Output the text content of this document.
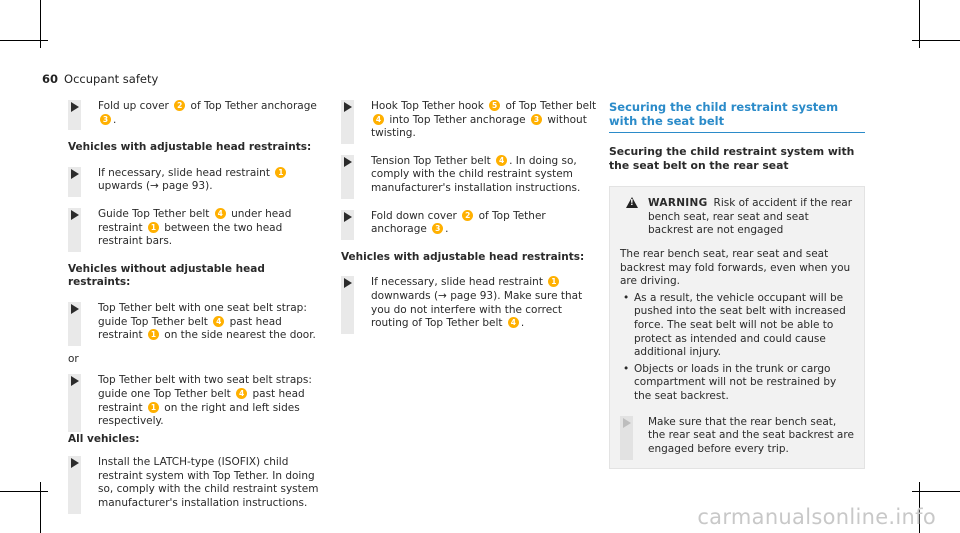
60 Occupant safety
Fold up cover 2 of Top Tether anchorage 3 .
Vehicles with adjustable head restraints:
If necessary, slide head restraint 1 upwards (→ page 93).
Guide Top Tether belt 4 under head restraint 1 between the two head restraint bars.
Vehicles without adjustable head restraints:
Top Tether belt with one seat belt strap: guide Top Tether belt 4 past head restraint 1 on the side nearest the door.
or
Top Tether belt with two seat belt straps: guide one Top Tether belt 4 past head restraint 1 on the right and left sides respectively.
All vehicles:
Install the LATCH-type (ISOFIX) child restraint system with Top Tether. In doing so, comply with the child restraint system manufacturer's installation instructions.
Hook Top Tether hook 5 of Top Tether belt 4 into Top Tether anchorage 3 without twisting.
Tension Top Tether belt 4 . In doing so, comply with the child restraint system manufacturer's installation instructions.
Fold down cover 2 of Top Tether anchorage 3 .
Vehicles with adjustable head restraints:
If necessary, slide head restraint 1 downwards (→ page 93). Make sure that you do not interfere with the correct routing of Top Tether belt 4 .
Securing the child restraint system with the seat belt
Securing the child restraint system with the seat belt on the rear seat
!
WARNING Risk of accident if the rear bench seat, rear seat and seat backrest are not engaged
The rear bench seat, rear seat and seat backrest may fold forwards, even when you are driving.
• As a result, the vehicle occupant will be pushed into the seat belt with increased force. The seat belt will not be able to protect as intended and could cause additional injury.
• Objects or loads in the trunk or cargo compartment will not be restrained by the seat backrest.
Make sure that the rear bench seat, the rear seat and the seat backrest are engaged before every trip.
carmanualsonline.info
